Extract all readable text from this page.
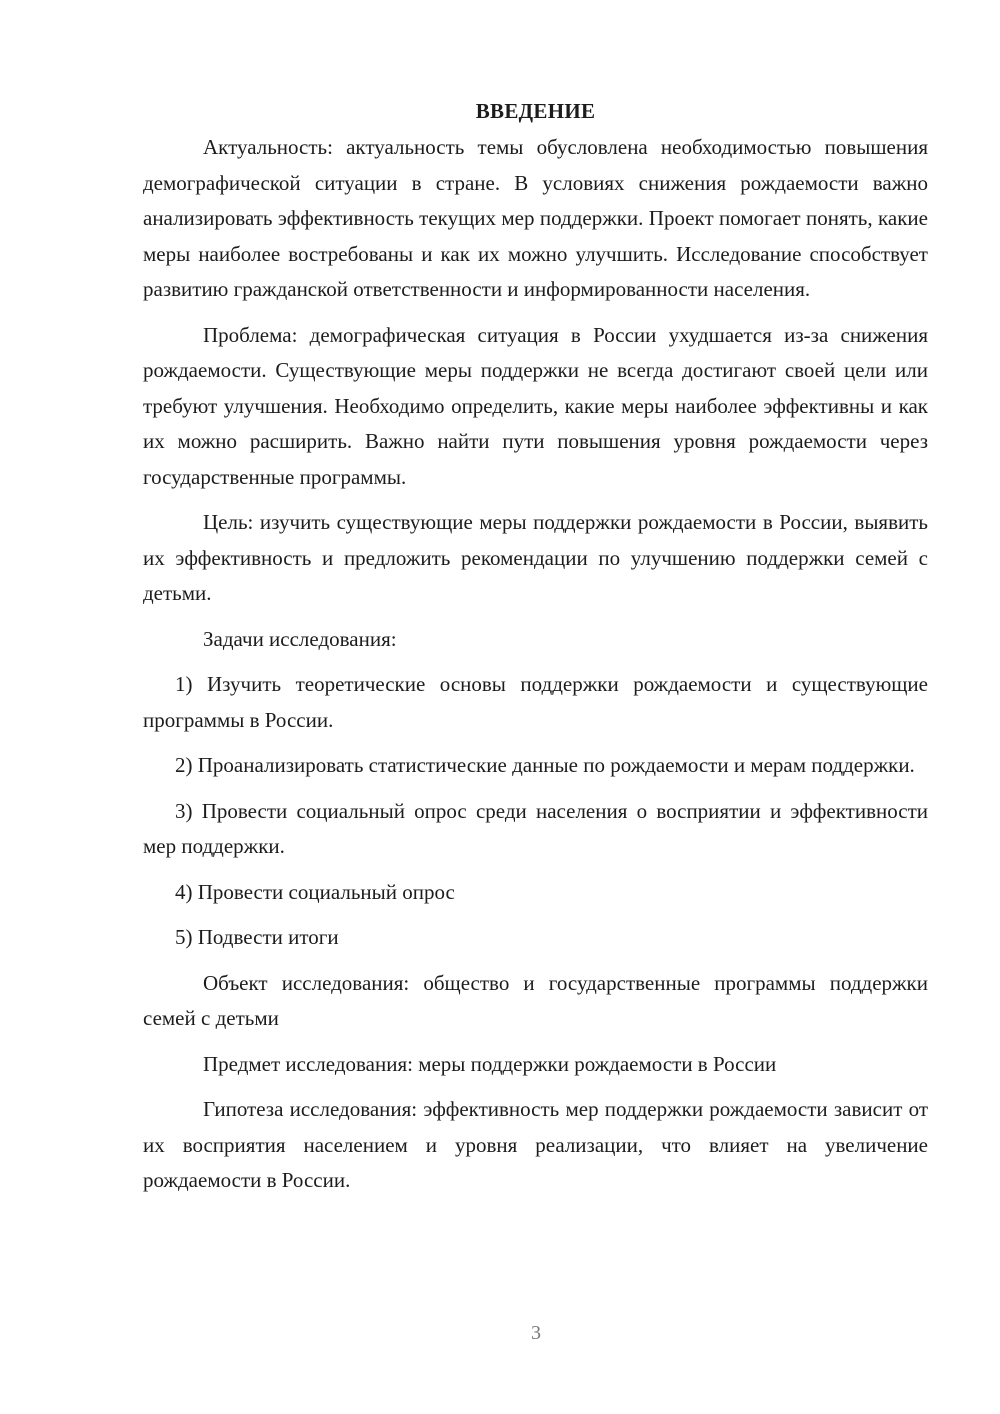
ВВЕДЕНИЕ

Актуальность: актуальность темы обусловлена необходимостью повышения демографической ситуации в стране. В условиях снижения рождаемости важно анализировать эффективность текущих мер поддержки. Проект помогает понять, какие меры наиболее востребованы и как их можно улучшить. Исследование способствует развитию гражданской ответственности и информированности населения.

Проблема: демографическая ситуация в России ухудшается из-за снижения рождаемости. Существующие меры поддержки не всегда достигают своей цели или требуют улучшения. Необходимо определить, какие меры наиболее эффективны и как их можно расширить. Важно найти пути повышения уровня рождаемости через государственные программы.

Цель: изучить существующие меры поддержки рождаемости в России, выявить их эффективность и предложить рекомендации по улучшению поддержки семей с детьми.

Задачи исследования:

1) Изучить теоретические основы поддержки рождаемости и существующие программы в России.

2) Проанализировать статистические данные по рождаемости и мерам поддержки.

3) Провести социальный опрос среди населения о восприятии и эффективности мер поддержки.

4) Провести социальный опрос

5) Подвести итоги

Объект исследования: общество и государственные программы поддержки семей с детьми

Предмет исследования: меры поддержки рождаемости в России

Гипотеза исследования: эффективность мер поддержки рождаемости зависит от их восприятия населением и уровня реализации, что влияет на увеличение рождаемости в России.

3
